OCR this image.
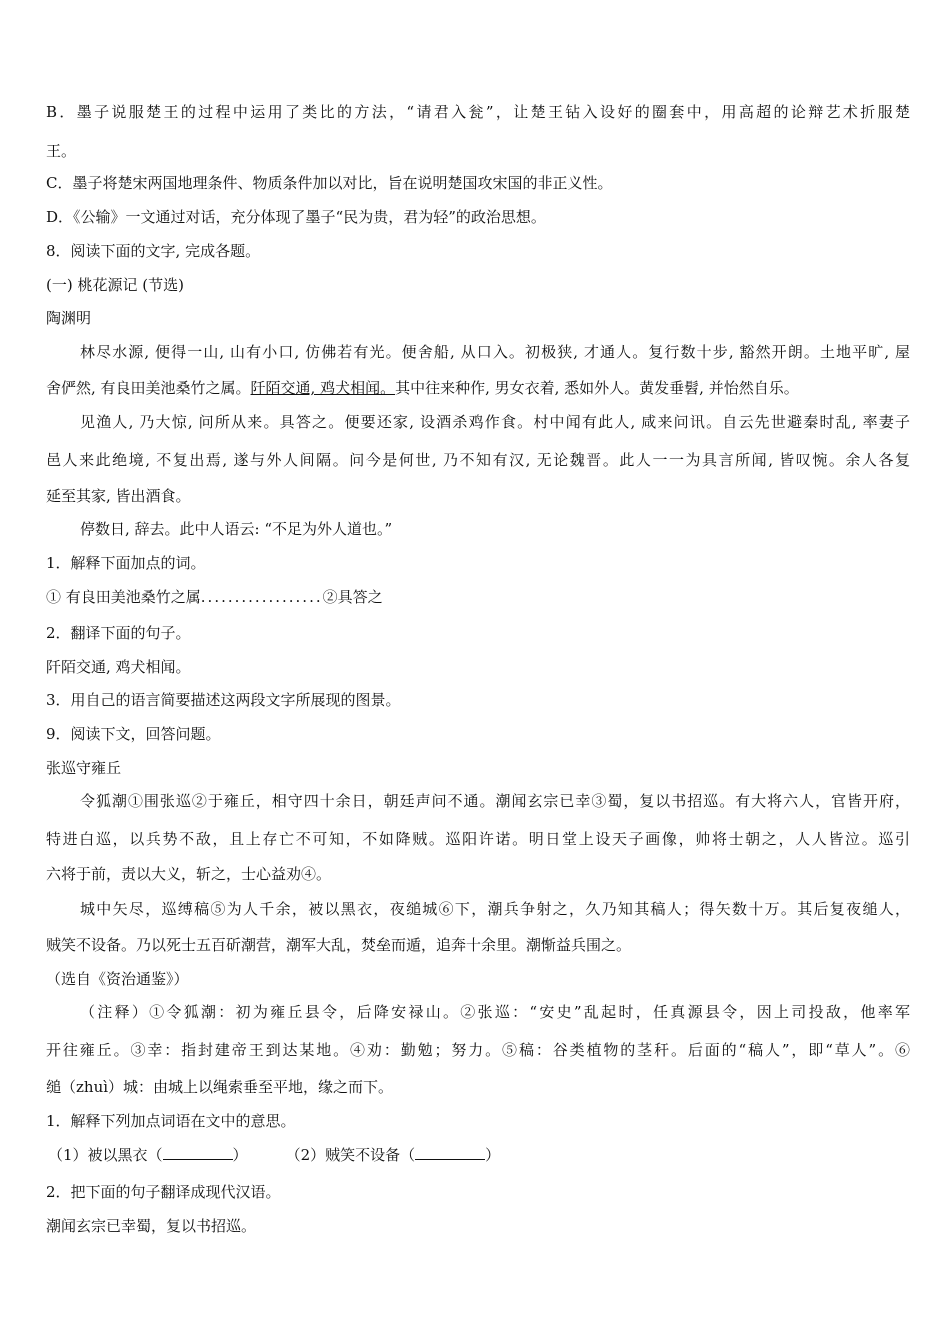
B．墨子说服楚王的过程中运用了类比的方法，“请君入瓮”，让楚王钻入设好的圈套中，用高超的论辩艺术折服楚
王。
C．墨子将楚宋两国地理条件、物质条件加以对比，旨在说明楚国攻宋国的非正义性。
D．《公输》一文通过对话，充分体现了墨子“民为贵，君为轻”的政治思想。
8．阅读下面的文字, 完成各题。
(一) 桃花源记 (节选)
陶渊明
林尽水源, 便得一山, 山有小口, 仿佛若有光。便舍船, 从口入。初极狭, 才通人。复行数十步, 豁然开朗。土地平旷, 屋
舍俨然, 有良田美池桑竹之属。阡陌交通, 鸡犬相闻。其中往来种作, 男女衣着, 悉如外人。黄发垂髫, 并怡然自乐。
见渔人, 乃大惊, 问所从来。具答之。便要还家, 设酒杀鸡作食。村中闻有此人, 咸来问讯。自云先世避秦时乱, 率妻子
邑人来此绝境, 不复出焉, 遂与外人间隔。问今是何世, 乃不知有汉, 无论魏晋。此人一一为具言所闻, 皆叹惋。余人各复
延至其家, 皆出酒食。
停数日, 辞去。此中人语云: “不足为外人道也。”
1．解释下面加点的词。
① 有良田美池桑竹之属..................②具答之
2．翻译下面的句子。
阡陌交通, 鸡犬相闻。
3．用自己的语言简要描述这两段文字所展现的图景。
9．阅读下文，回答问题。
张巡守雍丘
令狐潮①围张巡②于雍丘，相守四十余日，朝廷声问不通。潮闻玄宗已幸③蜀，复以书招巡。有大将六人，官皆开府，
特进白巡，以兵势不敌，且上存亡不可知，不如降贼。巡阳许诺。明日堂上设天子画像，帅将士朝之，人人皆泣。巡引
六将于前，责以大义，斩之，士心益劝④。
城中矢尽，巡缚稿⑤为人千余，被以黑衣，夜缒城⑥下，潮兵争射之，久乃知其稿人；得矢数十万。其后复夜缒人，
贼笑不设备。乃以死士五百斫潮营，潮军大乱，焚垒而遁，追奔十余里。潮惭益兵围之。
（选自《资治通鉴》）
（注释）①令狐潮：初为雍丘县令，后降安禄山。②张巡：“安史”乱起时，任真源县令，因上司投敌，他率军
开往雍丘。③幸：指封建帝王到达某地。④劝：勤勉；努力。⑤稿：谷类植物的茎秆。后面的“稿人”，即“草人”。⑥
缒（zhuì）城：由城上以绳索垂至平地，缘之而下。
1．解释下列加点词语在文中的意思。
（1）被以黑衣（	）	（2）贼笑不设备（	）
2．把下面的句子翻译成现代汉语。
潮闻玄宗已幸蜀，复以书招巡。
